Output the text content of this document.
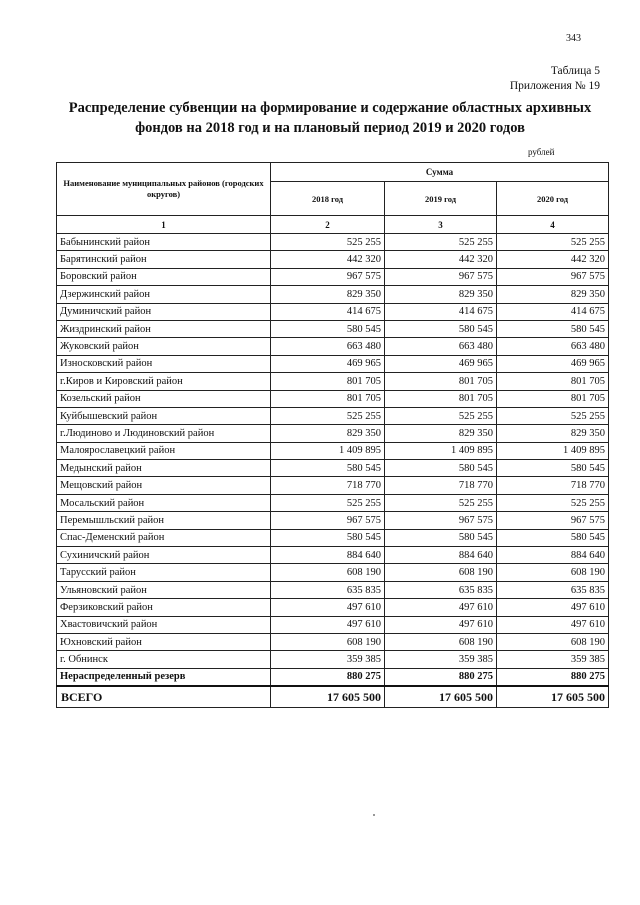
343
Таблица 5
Приложения № 19
Распределение субвенции на формирование и содержание областных архивных
фондов на 2018 год и на плановый период 2019 и 2020 годов
рублей
Наименование муниципальных районов (городских округов)	Сумма		
	2018 год	2019 год	2020 год
1	2	3	4
Бабынинский район	525 255	525 255	525 255
Барятинский район	442 320	442 320	442 320
Боровский район	967 575	967 575	967 575
Дзержинский район	829 350	829 350	829 350
Думиничский район	414 675	414 675	414 675
Жиздринский район	580 545	580 545	580 545
Жуковский район	663 480	663 480	663 480
Износковский район	469 965	469 965	469 965
г.Киров и Кировский район	801 705	801 705	801 705
Козельский район	801 705	801 705	801 705
Куйбышевский район	525 255	525 255	525 255
г.Людиново и Людиновский район	829 350	829 350	829 350
Малоярославецкий район	1 409 895	1 409 895	1 409 895
Медынский район	580 545	580 545	580 545
Мещовский район	718 770	718 770	718 770
Мосальский район	525 255	525 255	525 255
Перемышльский район	967 575	967 575	967 575
Спас-Деменский район	580 545	580 545	580 545
Сухиничский район	884 640	884 640	884 640
Тарусский район	608 190	608 190	608 190
Ульяновский район	635 835	635 835	635 835
Ферзиковский район	497 610	497 610	497 610
Хвастовичский район	497 610	497 610	497 610
Юхновский район	608 190	608 190	608 190
г. Обнинск	359 385	359 385	359 385
Нераспределенный резерв	880 275	880 275	880 275
ВСЕГО	17 605 500	17 605 500	17 605 500
